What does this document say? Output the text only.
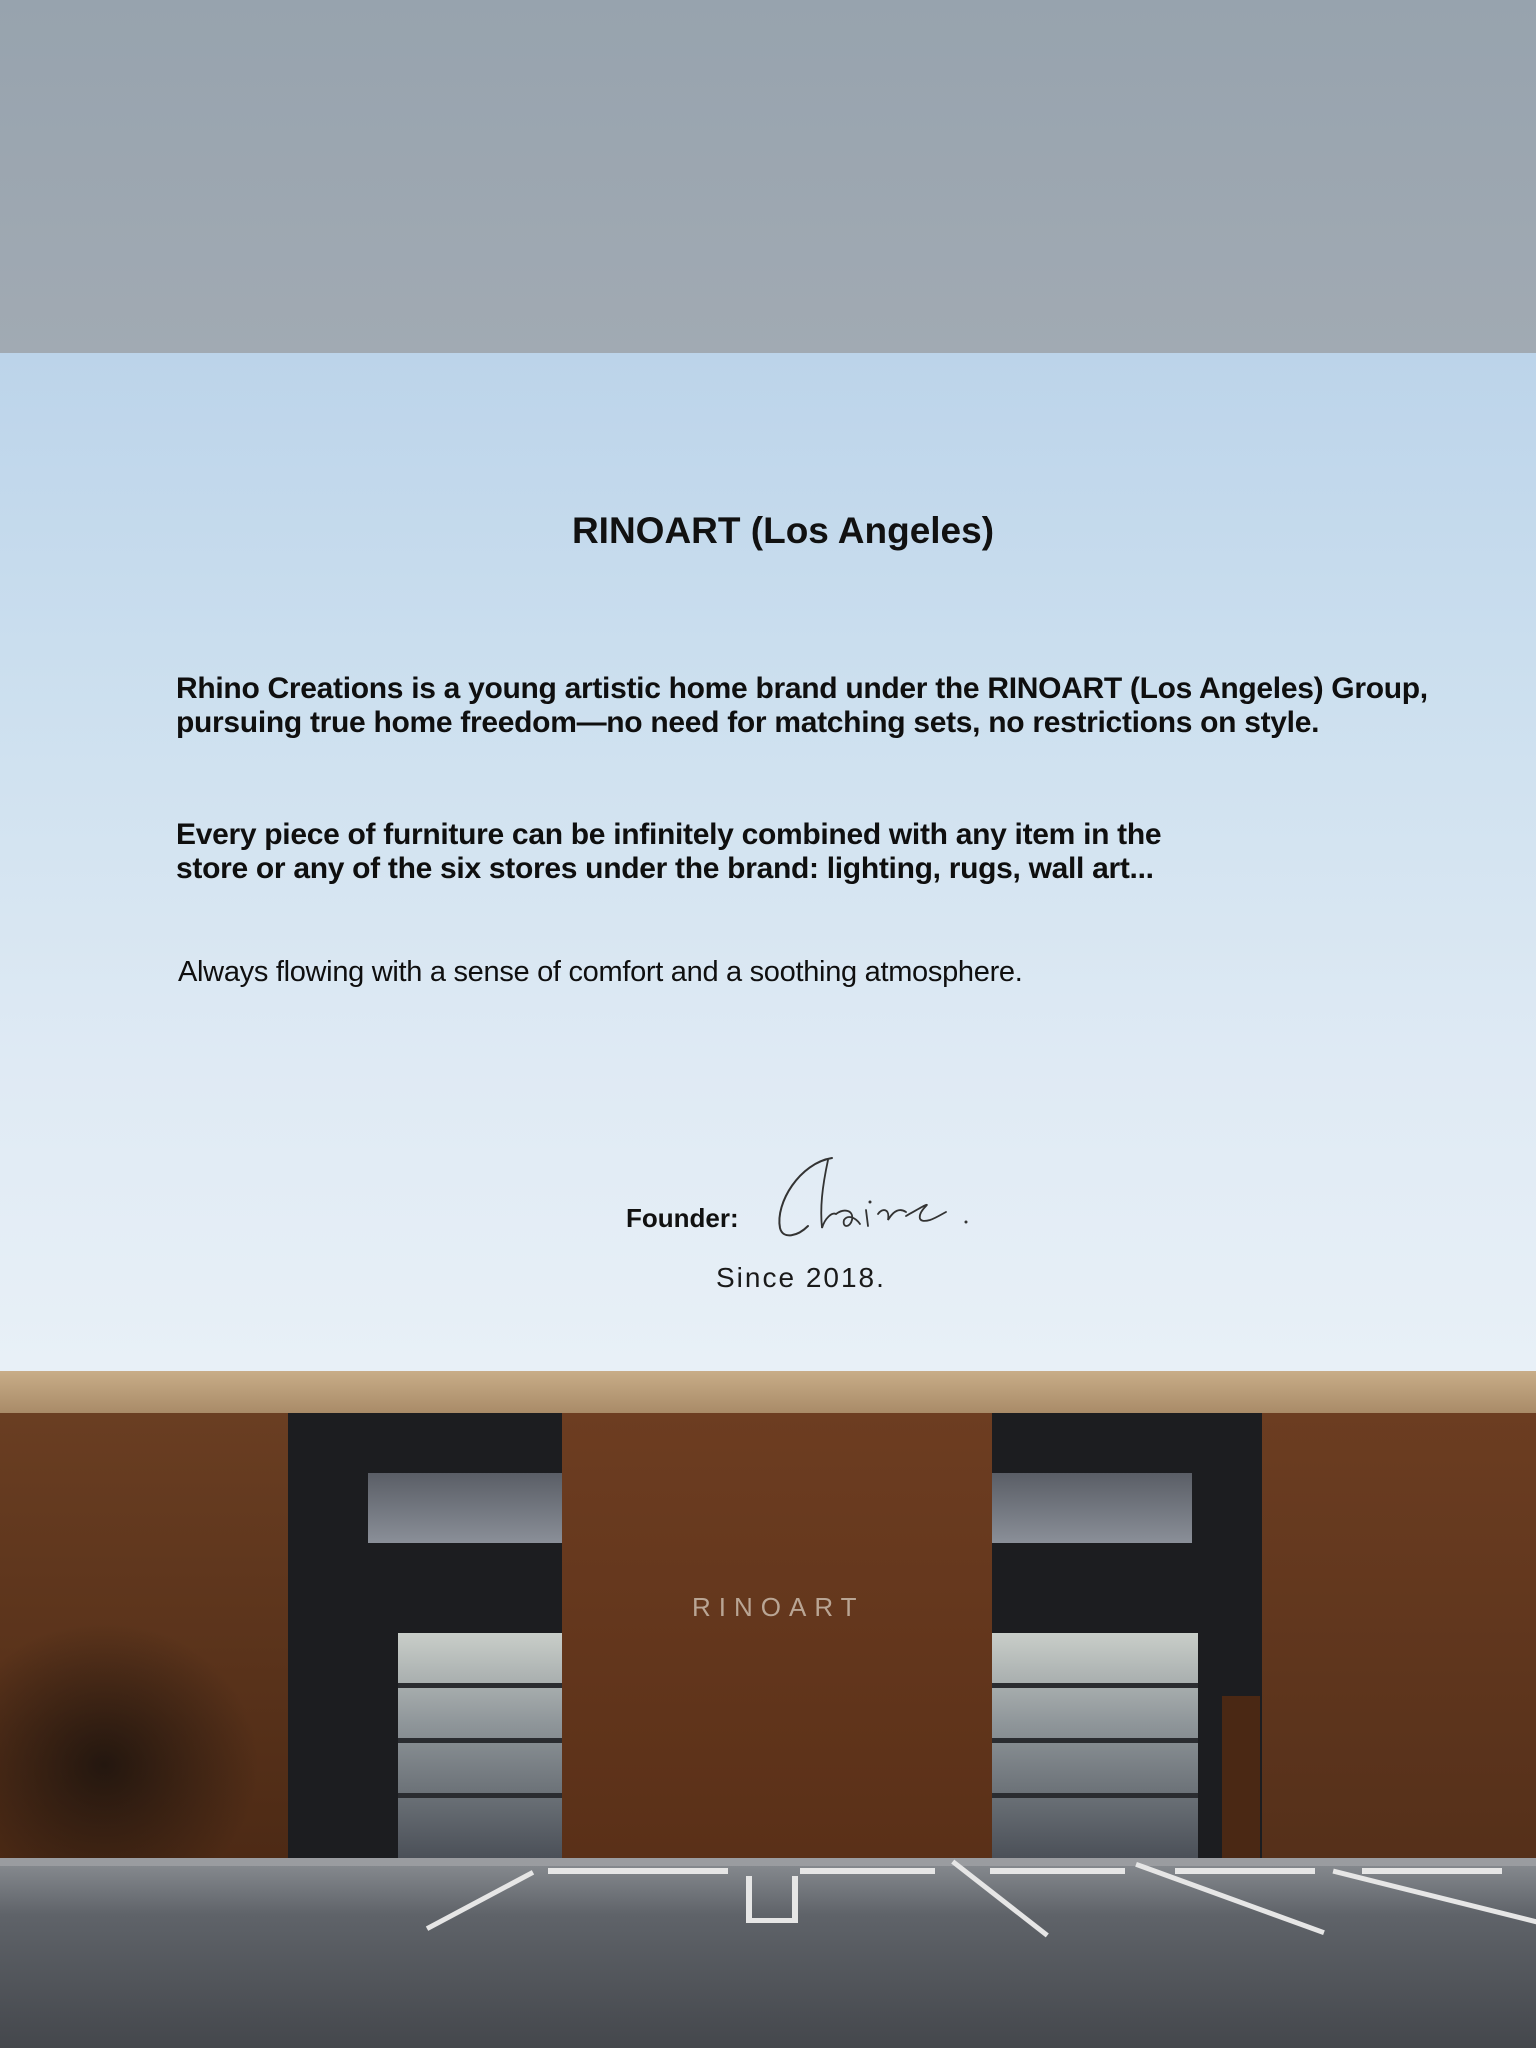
RINOART (Los Angeles)

Rhino Creations is a young artistic home brand under the RINOART (Los Angeles) Group, pursuing true home freedom—no need for matching sets, no restrictions on style.

Every piece of furniture can be infinitely combined with any item in the store or any of the six stores under the brand: lighting, rugs, wall art...

Always flowing with a sense of comfort and a soothing atmosphere.

Founder:
Since 2018.
RINOART
